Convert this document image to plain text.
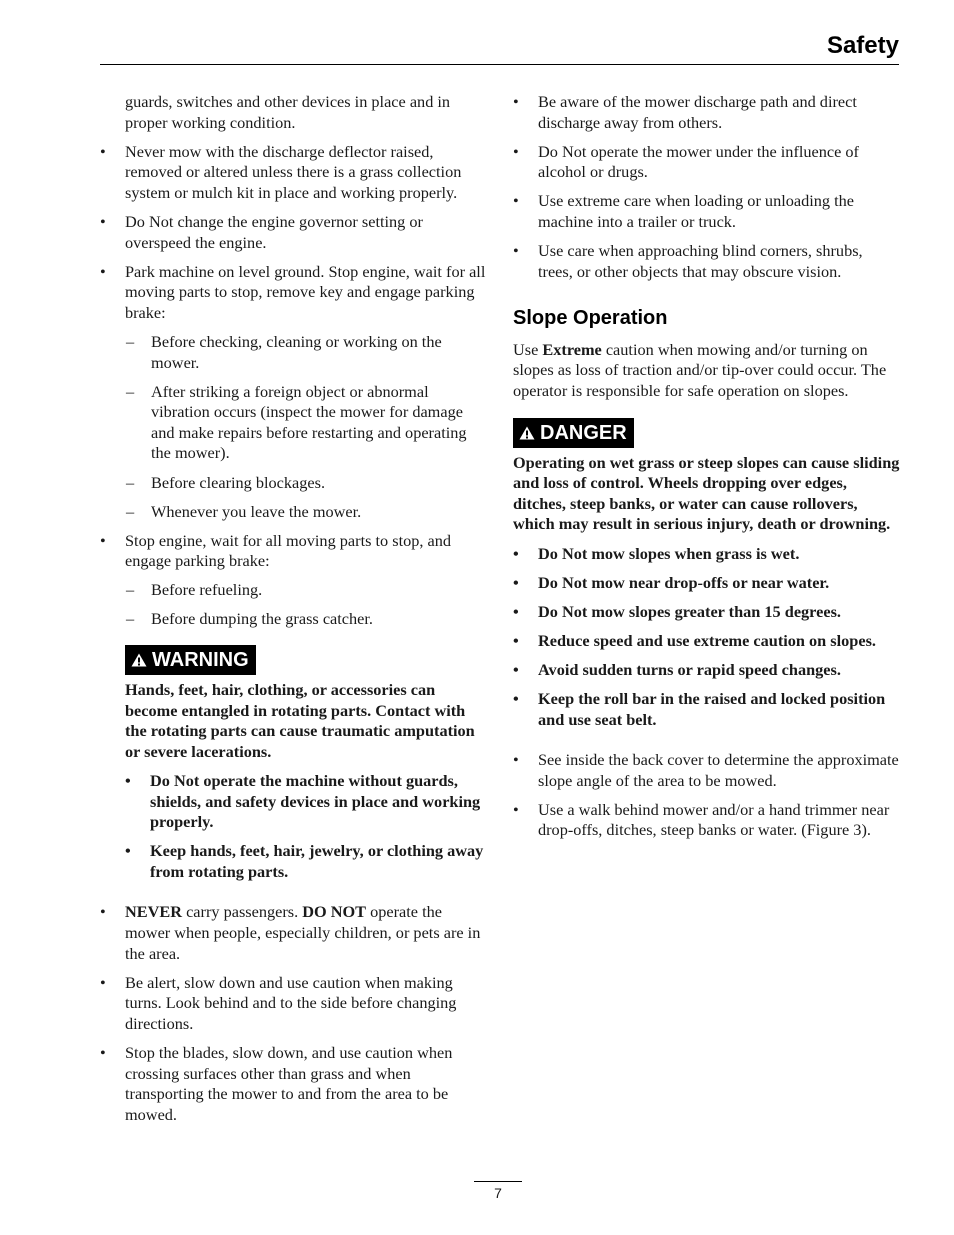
Safety

guards, switches and other devices in place and in proper working condition.

• Never mow with the discharge deflector raised, removed or altered unless there is a grass collection system or mulch kit in place and working properly.
• Do Not change the engine governor setting or overspeed the engine.
• Park machine on level ground. Stop engine, wait for all moving parts to stop, remove key and engage parking brake:
– Before checking, cleaning or working on the mower.
– After striking a foreign object or abnormal vibration occurs (inspect the mower for damage and make repairs before restarting and operating the mower).
– Before clearing blockages.
– Whenever you leave the mower.
• Stop engine, wait for all moving parts to stop, and engage parking brake:
– Before refueling.
– Before dumping the grass catcher.
WARNING
Hands, feet, hair, clothing, or accessories can become entangled in rotating parts. Contact with the rotating parts can cause traumatic amputation or severe lacerations.
• Do Not operate the machine without guards, shields, and safety devices in place and working properly.
• Keep hands, feet, hair, jewelry, or clothing away from rotating parts.
• NEVER carry passengers. DO NOT operate the mower when people, especially children, or pets are in the area.
• Be alert, slow down and use caution when making turns. Look behind and to the side before changing directions.
• Stop the blades, slow down, and use caution when crossing surfaces other than grass and when transporting the mower to and from the area to be mowed.
• Be aware of the mower discharge path and direct discharge away from others.
• Do Not operate the mower under the influence of alcohol or drugs.
• Use extreme care when loading or unloading the machine into a trailer or truck.
• Use care when approaching blind corners, shrubs, trees, or other objects that may obscure vision.
Slope Operation

Use Extreme caution when mowing and/or turning on slopes as loss of traction and/or tip-over could occur. The operator is responsible for safe operation on slopes.

DANGER
Operating on wet grass or steep slopes can cause sliding and loss of control. Wheels dropping over edges, ditches, steep banks, or water can cause rollovers, which may result in serious injury, death or drowning.
• Do Not mow slopes when grass is wet.
• Do Not mow near drop-offs or near water.
• Do Not mow slopes greater than 15 degrees.
• Reduce speed and use extreme caution on slopes.
• Avoid sudden turns or rapid speed changes.
• Keep the roll bar in the raised and locked position and use seat belt.
• See inside the back cover to determine the approximate slope angle of the area to be mowed.
• Use a walk behind mower and/or a hand trimmer near drop-offs, ditches, steep banks or water. (Figure 3).
7
